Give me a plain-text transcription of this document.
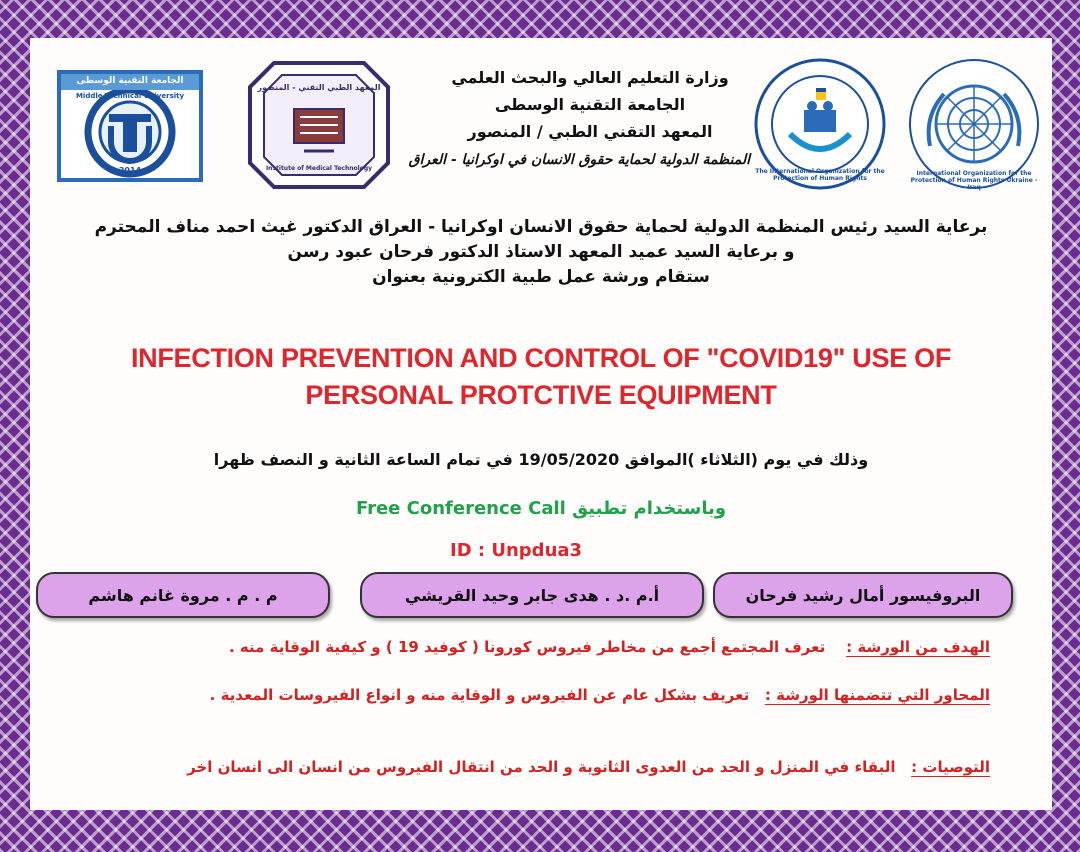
الجامعة التقنية الوسطى
Middle Technical University
2014
المعهد الطبي التقني - المنصور
Institute of Medical Technology
وزارة التعليم العالي والبحث العلمي
الجامعة التقنية الوسطى
المعهد التقني الطبي / المنصور
المنظمة الدولية لحماية حقوق الانسان في اوكرانيا - العراق
The International Organization for the Protection of Human Rights
International Organization for the Protection of Human Rights Ukraine - Iraq
برعاية السيد رئيس المنظمة الدولية لحماية حقوق الانسان اوكرانيا - العراق الدكتور غيث احمد مناف المحترم
و برعاية السيد عميد المعهد الاستاذ الدكتور فرحان عبود رسن
ستقام ورشة عمل طبية الكترونية بعنوان
INFECTION PREVENTION AND CONTROL OF "COVID19" USE OF
PERSONAL PROTCTIVE EQUIPMENT
وذلك في يوم (الثلاثاء )الموافق 19/05/2020 في تمام الساعة الثانية و النصف ظهرا
وباستخدام تطبيق Free Conference Call
ID : Unpdua3
البروفيسور أمال رشيد فرحان
أ.م .د . هدى جابر وحيد القريشي
م . م . مروة غانم هاشم
الهدف من الورشة :    تعرف المجتمع أجمع من مخاطر فيروس كورونا ( كوفيد 19 ) و كيفية الوقاية منه .
المحاور التي تتضمنها الورشة :   تعريف بشكل عام عن الفيروس و الوقاية منه و انواع الفيروسات المعدية .
التوصيات :   البقاء في المنزل و الحد من العدوى الثانوية و الحد من انتقال الفيروس من انسان الى انسان اخر
